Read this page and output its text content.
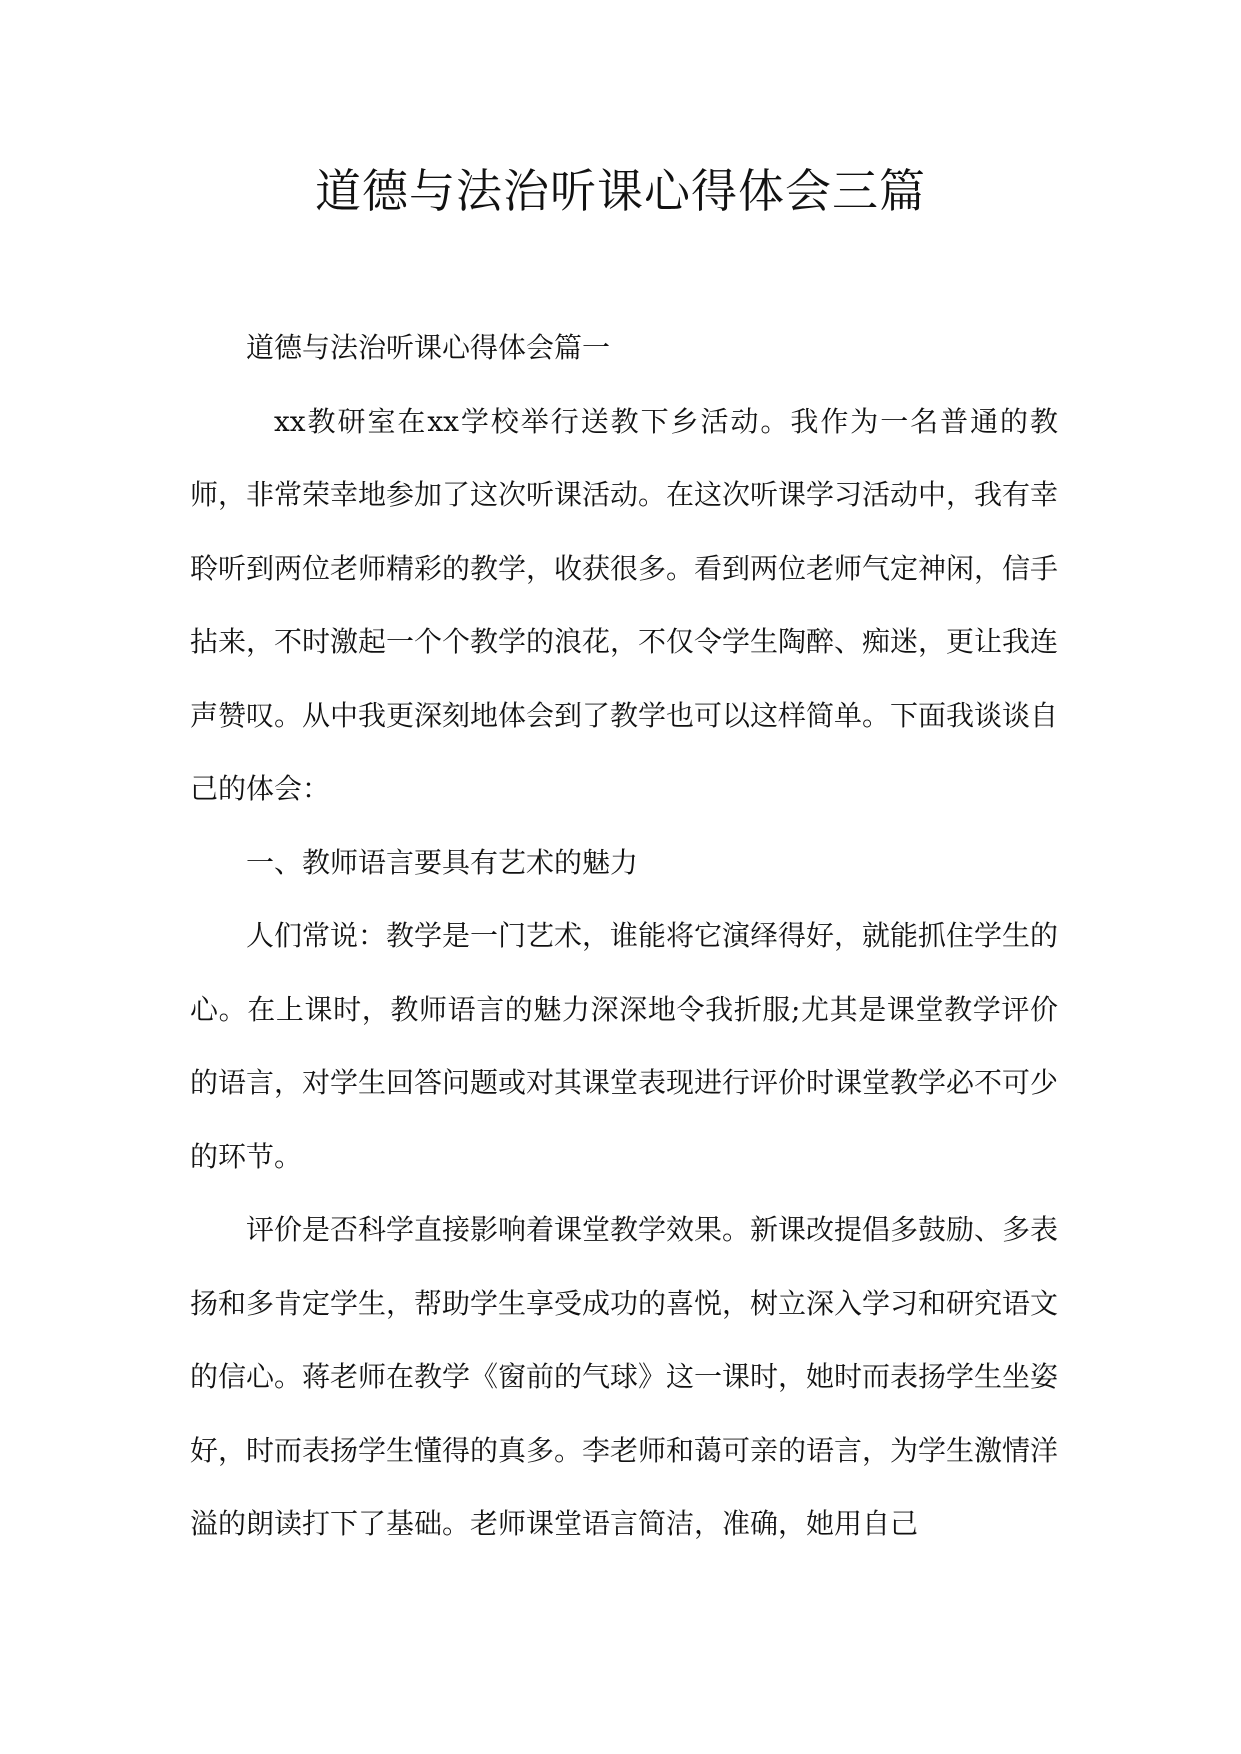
道德与法治听课心得体会三篇

道德与法治听课心得体会篇一

xx教研室在xx学校举行送教下乡活动。我作为一名普通的教师，非常荣幸地参加了这次听课活动。在这次听课学习活动中，我有幸聆听到两位老师精彩的教学，收获很多。看到两位老师气定神闲，信手拈来，不时激起一个个教学的浪花，不仅令学生陶醉、痴迷，更让我连声赞叹。从中我更深刻地体会到了教学也可以这样简单。下面我谈谈自己的体会：

一、教师语言要具有艺术的魅力

人们常说：教学是一门艺术，谁能将它演绎得好，就能抓住学生的心。在上课时，教师语言的魅力深深地令我折服;尤其是课堂教学评价的语言，对学生回答问题或对其课堂表现进行评价时课堂教学必不可少的环节。

评价是否科学直接影响着课堂教学效果。新课改提倡多鼓励、多表扬和多肯定学生，帮助学生享受成功的喜悦，树立深入学习和研究语文的信心。蒋老师在教学《窗前的气球》这一课时，她时而表扬学生坐姿好，时而表扬学生懂得的真多。李老师和蔼可亲的语言，为学生激情洋溢的朗读打下了基础。老师课堂语言简洁，准确，她用自己
